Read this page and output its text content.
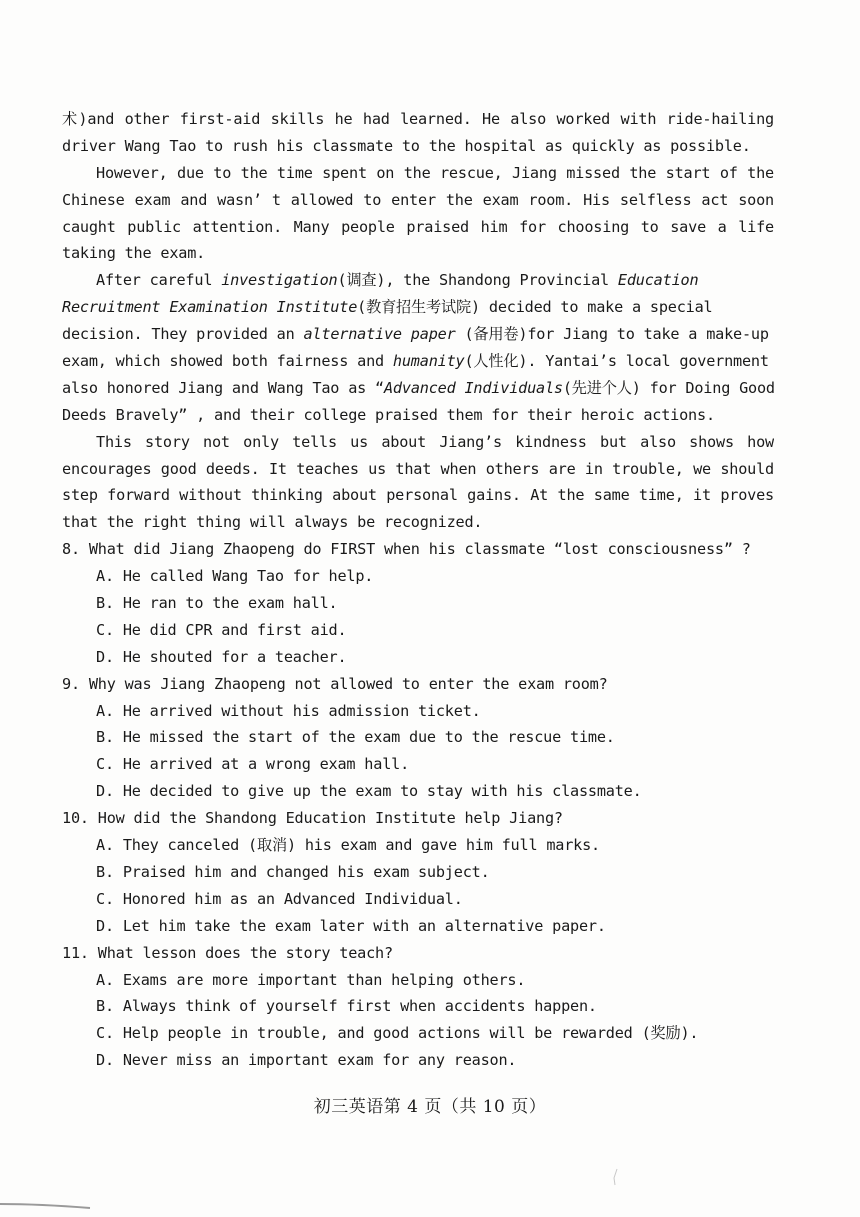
术)and other first-aid skills he had learned. He also worked with ride-hailing
driver Wang Tao to rush his classmate to the hospital as quickly as possible.
However, due to the time spent on the rescue, Jiang missed the start of the
Chinese exam and wasn’ t allowed to enter the exam room. His selfless act soon
caught public attention. Many people praised him for choosing to save a life
taking the exam.
After careful investigation(调查), the Shandong Provincial Education
Recruitment Examination Institute(教育招生考试院) decided to make a special
decision. They provided an alternative paper (备用卷)for Jiang to take a make-up
exam, which showed both fairness and humanity(人性化). Yantai’s local government
also honored Jiang and Wang Tao as “Advanced Individuals(先进个人) for Doing Good
Deeds Bravely” , and their college praised them for their heroic actions.
This story not only tells us about Jiang’s kindness but also shows how
encourages good deeds. It teaches us that when others are in trouble, we should
step forward without thinking about personal gains. At the same time, it proves
that the right thing will always be recognized.
8. What did Jiang Zhaopeng do FIRST when his classmate “lost consciousness” ?
A. He called Wang Tao for help.
B. He ran to the exam hall.
C. He did CPR and first aid.
D. He shouted for a teacher.
9. Why was Jiang Zhaopeng not allowed to enter the exam room?
A. He arrived without his admission ticket.
B. He missed the start of the exam due to the rescue time.
C. He arrived at a wrong exam hall.
D. He decided to give up the exam to stay with his classmate.
10. How did the Shandong Education Institute help Jiang?
A. They canceled (取消) his exam and gave him full marks.
B. Praised him and changed his exam subject.
C. Honored him as an Advanced Individual.
D. Let him take the exam later with an alternative paper.
11. What lesson does the story teach?
A. Exams are more important than helping others.
B. Always think of yourself first when accidents happen.
C. Help people in trouble, and good actions will be rewarded (奖励).
D. Never miss an important exam for any reason.
初三英语第 4 页（共 10 页）
